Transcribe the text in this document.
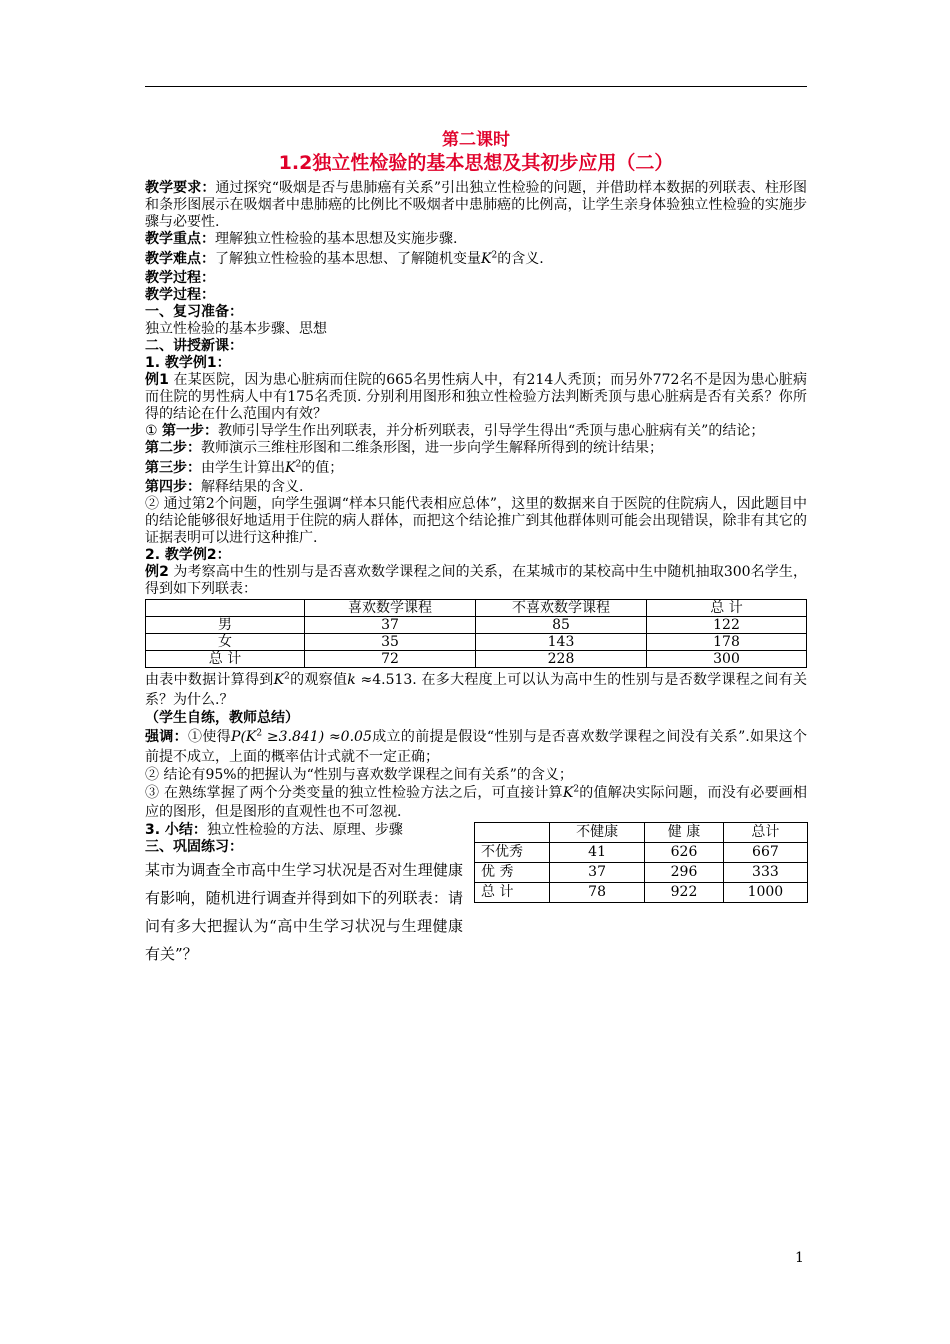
第二课时
1.2独立性检验的基本思想及其初步应用（二）

教学要求：通过探究“吸烟是否与患肺癌有关系”引出独立性检验的问题，并借助样本数据的列联表、柱形图和条形图展示在吸烟者中患肺癌的比例比不吸烟者中患肺癌的比例高，让学生亲身体验独立性检验的实施步骤与必要性.

教学重点：理解独立性检验的基本思想及实施步骤.

教学难点：了解独立性检验的基本思想、了解随机变量$K^2$的含义.

教学过程：

教学过程：

一、复习准备：

独立性检验的基本步骤、思想

二、讲授新课：

1. 教学例1：

例1 在某医院，因为患心脏病而住院的665名男性病人中，有214人秃顶；而另外772名不是因为患心脏病而住院的男性病人中有175名秃顶. 分别利用图形和独立性检验方法判断秃顶与患心脏病是否有关系？你所得的结论在什么范围内有效？

① 第一步：教师引导学生作出列联表，并分析列联表，引导学生得出“秃顶与患心脏病有关”的结论；

第二步：教师演示三维柱形图和二维条形图，进一步向学生解释所得到的统计结果；

第三步：由学生计算出$K^2$的值；

第四步：解释结果的含义.

② 通过第2个问题，向学生强调“样本只能代表相应总体”，这里的数据来自于医院的住院病人，因此题目中的结论能够很好地适用于住院的病人群体，而把这个结论推广到其他群体则可能会出现错误，除非有其它的证据表明可以进行这种推广.

2. 教学例2：

例2 为考察高中生的性别与是否喜欢数学课程之间的关系，在某城市的某校高中生中随机抽取300名学生，得到如下列联表：

	喜欢数学课程	不喜欢数学课程	总 计
男	37	85	122
女	35	143	178
总 计	72	228	300

由表中数据计算得到$K^2$的观察值k ≈4.513. 在多大程度上可以认为高中生的性别与是否数学课程之间有关系？为什么.？

（学生自练，教师总结）

强调：①使得$P(K^2 \ge 3.841) \approx 0.05$成立的前提是假设“性别与是否喜欢数学课程之间没有关系”.如果这个前提不成立，上面的概率估计式就不一定正确；

② 结论有95%的把握认为“性别与喜欢数学课程之间有关系”的含义；

③ 在熟练掌握了两个分类变量的独立性检验方法之后，可直接计算$K^2$的值解决实际问题，而没有必要画相应的图形，但是图形的直观性也不可忽视.

3. 小结：独立性检验的方法、原理、步骤

三、巩固练习：

某市为调查全市高中生学习状况是否对生理健康有影响，随机进行调查并得到如下的列联表：请问有多大把握认为“高中生学习状况与生理健康有关”？

	不健康	健 康	总计
不优秀	41	626	667
优 秀	37	296	333
总 计	78	922	1000
1
